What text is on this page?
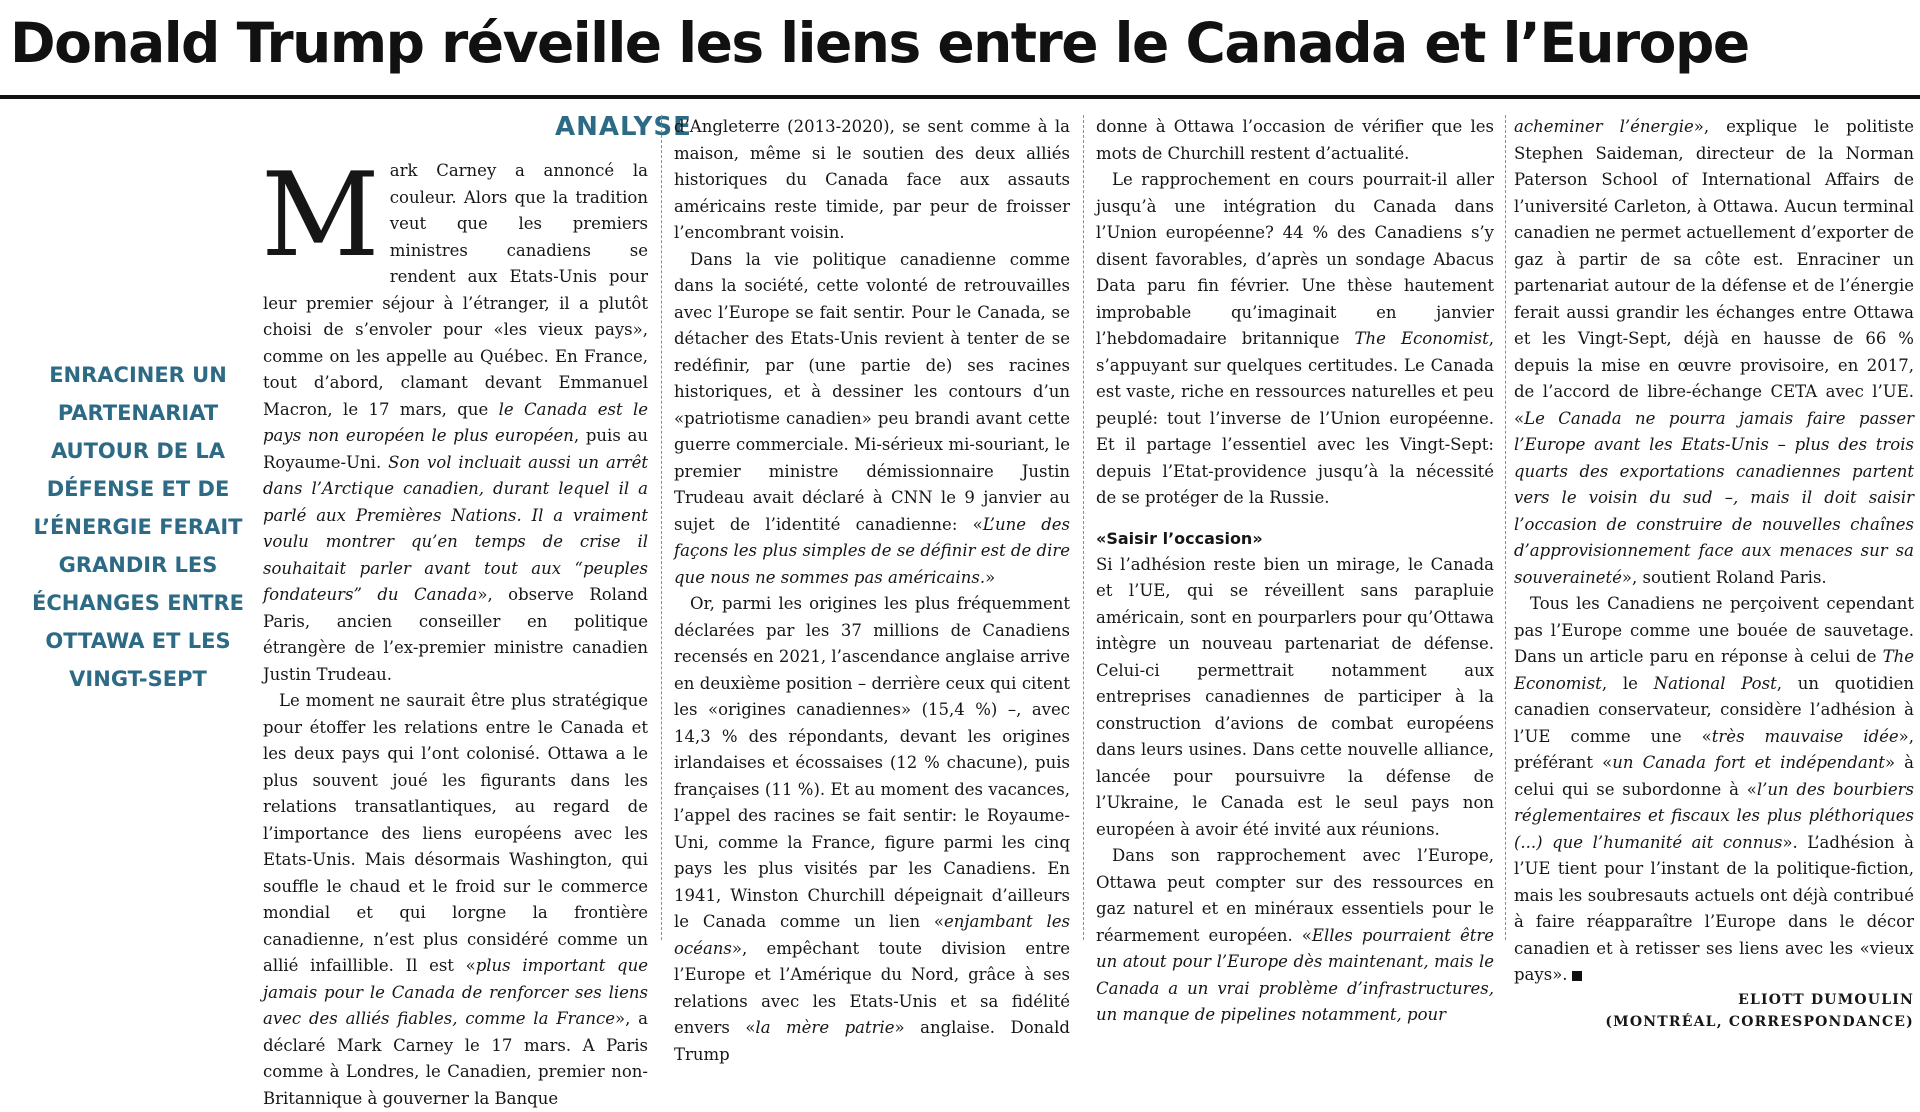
Donald Trump réveille les liens entre le Canada et l’Europe
ANALYSE

ENRACINER UN PARTENARIAT AUTOUR DE LA DÉFENSE ET DE L’ÉNERGIE FERAIT GRANDIR LES ÉCHANGES ENTRE OTTAWA ET LES VINGT-SEPT

Mark Carney a annoncé la couleur. Alors que la tradition veut que les premiers ministres canadiens se rendent aux Etats-Unis pour leur premier séjour à l’étranger, il a plutôt choisi de s’envoler pour «les vieux pays», comme on les appelle au Québec. En France, tout d’abord, clamant devant Emmanuel Macron, le 17 mars, que le Canada est le pays non européen le plus européen, puis au Royaume-Uni. Son vol incluait aussi un arrêt dans l’Arctique canadien, durant lequel il a parlé aux Premières Nations. Il a vraiment voulu montrer qu’en temps de crise il souhaitait parler avant tout aux “peuples fondateurs” du Canada», observe Roland Paris, ancien conseiller en politique étrangère de l’ex-premier ministre canadien Justin Trudeau.

Le moment ne saurait être plus stratégique pour étoffer les relations entre le Canada et les deux pays qui l’ont colonisé. Ottawa a le plus souvent joué les figurants dans les relations transatlantiques, au regard de l’importance des liens européens avec les Etats-Unis. Mais désormais Washington, qui souffle le chaud et le froid sur le commerce mondial et qui lorgne la frontière canadienne, n’est plus considéré comme un allié infaillible. Il est «plus important que jamais pour le Canada de renforcer ses liens avec des alliés fiables, comme la France», a déclaré Mark Carney le 17 mars. A Paris comme à Londres, le Canadien, premier non-Britannique à gouverner la Banque

d’Angleterre (2013-2020), se sent comme à la maison, même si le soutien des deux alliés historiques du Canada face aux assauts américains reste timide, par peur de froisser l’encombrant voisin.

Dans la vie politique canadienne comme dans la société, cette volonté de retrouvailles avec l’Europe se fait sentir. Pour le Canada, se détacher des Etats-Unis revient à tenter de se redéfinir, par (une partie de) ses racines historiques, et à dessiner les contours d’un «patriotisme canadien» peu brandi avant cette guerre commerciale. Mi-sérieux mi-souriant, le premier ministre démissionnaire Justin Trudeau avait déclaré à CNN le 9 janvier au sujet de l’identité canadienne: «L’une des façons les plus simples de se définir est de dire que nous ne sommes pas américains.»

Or, parmi les origines les plus fréquemment déclarées par les 37 millions de Canadiens recensés en 2021, l’ascendance anglaise arrive en deuxième position – derrière ceux qui citent les «origines canadiennes» (15,4 %) –, avec 14,3 % des répondants, devant les origines irlandaises et écossaises (12 % chacune), puis françaises (11 %). Et au moment des vacances, l’appel des racines se fait sentir: le Royaume-Uni, comme la France, figure parmi les cinq pays les plus visités par les Canadiens. En 1941, Winston Churchill dépeignait d’ailleurs le Canada comme un lien «enjambant les océans», empêchant toute division entre l’Europe et l’Amérique du Nord, grâce à ses relations avec les Etats-Unis et sa fidélité envers «la mère patrie» anglaise. Donald Trump

donne à Ottawa l’occasion de vérifier que les mots de Churchill restent d’actualité.

Le rapprochement en cours pourrait-il aller jusqu’à une intégration du Canada dans l’Union européenne? 44 % des Canadiens s’y disent favorables, d’après un sondage Abacus Data paru fin février. Une thèse hautement improbable qu’imaginait en janvier l’hebdomadaire britannique The Economist, s’appuyant sur quelques certitudes. Le Canada est vaste, riche en ressources naturelles et peu peuplé: tout l’inverse de l’Union européenne. Et il partage l’essentiel avec les Vingt-Sept: depuis l’Etat-providence jusqu’à la nécessité de se protéger de la Russie.

«Saisir l’occasion»

Si l’adhésion reste bien un mirage, le Canada et l’UE, qui se réveillent sans parapluie américain, sont en pourparlers pour qu’Ottawa intègre un nouveau partenariat de défense. Celui-ci permettrait notamment aux entreprises canadiennes de participer à la construction d’avions de combat européens dans leurs usines. Dans cette nouvelle alliance, lancée pour poursuivre la défense de l’Ukraine, le Canada est le seul pays non européen à avoir été invité aux réunions.

Dans son rapprochement avec l’Europe, Ottawa peut compter sur des ressources en gaz naturel et en minéraux essentiels pour le réarmement européen. «Elles pourraient être un atout pour l’Europe dès maintenant, mais le Canada a un vrai problème d’infrastructures, un manque de pipelines notamment, pour

acheminer l’énergie», explique le politiste Stephen Saideman, directeur de la Norman Paterson School of International Affairs de l’université Carleton, à Ottawa. Aucun terminal canadien ne permet actuellement d’exporter de gaz à partir de sa côte est. Enraciner un partenariat autour de la défense et de l’énergie ferait aussi grandir les échanges entre Ottawa et les Vingt-Sept, déjà en hausse de 66 % depuis la mise en œuvre provisoire, en 2017, de l’accord de libre-échange CETA avec l’UE. «Le Canada ne pourra jamais faire passer l’Europe avant les Etats-Unis – plus des trois quarts des exportations canadiennes partent vers le voisin du sud –, mais il doit saisir l’occasion de construire de nouvelles chaînes d’approvisionnement face aux menaces sur sa souveraineté», soutient Roland Paris.

Tous les Canadiens ne perçoivent cependant pas l’Europe comme une bouée de sauvetage. Dans un article paru en réponse à celui de The Economist, le National Post, un quotidien canadien conservateur, considère l’adhésion à l’UE comme une «très mauvaise idée», préférant «un Canada fort et indépendant» à celui qui se subordonne à «l’un des bourbiers réglementaires et fiscaux les plus pléthoriques (...) que l’humanité ait connus». L’adhésion à l’UE tient pour l’instant de la politique-fiction, mais les soubresauts actuels ont déjà contribué à faire réapparaître l’Europe dans le décor canadien et à retisser ses liens avec les «vieux pays».

ELIOTT DUMOULIN

(MONTRÉAL, CORRESPONDANCE)
